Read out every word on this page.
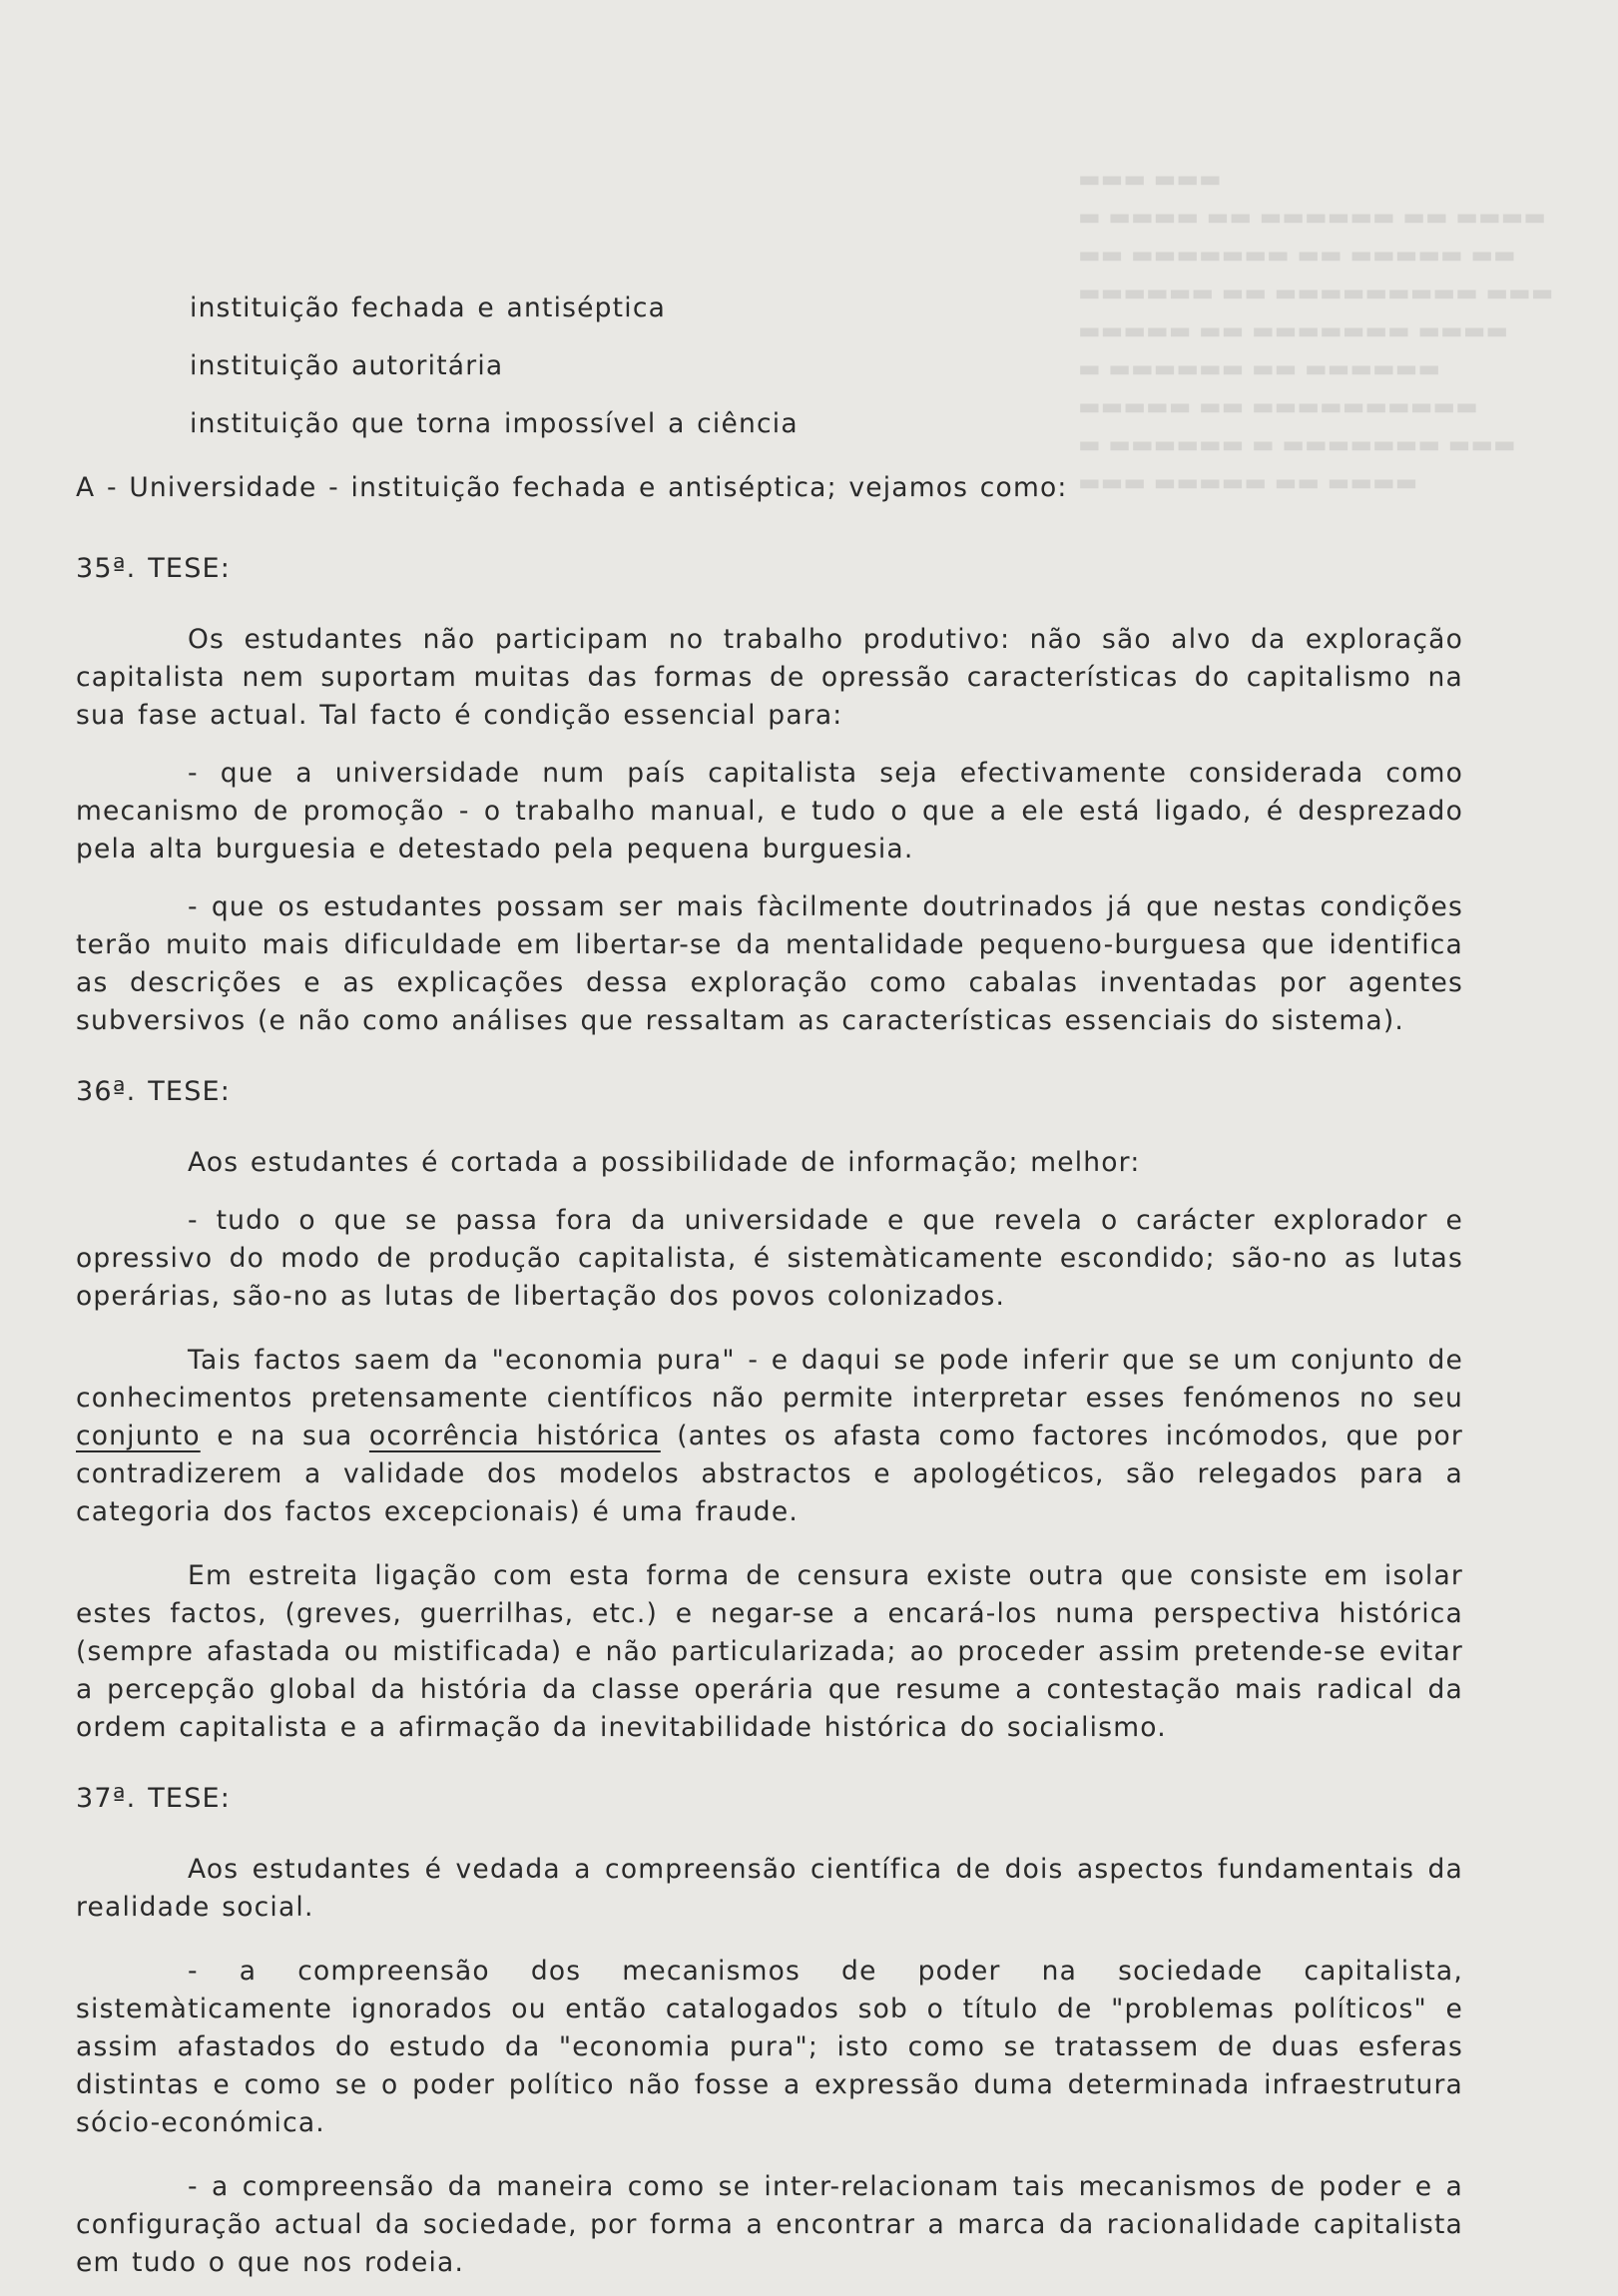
▬▬▬ ▬▬▬
▬ ▬▬▬▬ ▬▬ ▬▬▬▬▬▬ ▬▬ ▬▬▬▬
▬▬ ▬▬▬▬▬▬▬ ▬▬ ▬▬▬▬▬ ▬▬
▬▬▬▬▬▬ ▬▬ ▬▬▬▬▬▬▬▬▬ ▬▬▬
▬▬▬▬▬ ▬▬ ▬▬▬▬▬▬▬ ▬▬▬▬
▬ ▬▬▬▬▬▬ ▬▬ ▬▬▬▬▬▬
▬▬▬▬▬ ▬▬ ▬▬▬▬▬▬▬▬▬▬
▬ ▬▬▬▬▬▬ ▬ ▬▬▬▬▬▬▬ ▬▬▬
▬▬▬ ▬▬▬▬▬ ▬▬ ▬▬▬▬
instituição fechada e antiséptica
instituição autoritária
instituição que torna impossível a ciência
A - Universidade - instituição fechada e antiséptica; vejamos como:
35ª. TESE:
Os estudantes não participam no trabalho produtivo: não são alvo da exploração capitalista nem suportam muitas das formas de opressão características do capitalismo na sua fase actual. Tal facto é condição essencial para:
- que a universidade num país capitalista seja efectivamente considerada como mecanismo de promoção - o trabalho manual, e tudo o que a ele está ligado, é desprezado pela alta burguesia e detestado pela pequena burguesia.
- que os estudantes possam ser mais fàcilmente doutrinados já que nestas condições terão muito mais dificuldade em libertar-se da mentalidade pequeno-burguesa que identifica as descrições e as explicações dessa exploração como cabalas inventadas por agentes subversivos (e não como análises que ressaltam as características essenciais do sistema).
36ª. TESE:
Aos estudantes é cortada a possibilidade de informação; melhor:
- tudo o que se passa fora da universidade e que revela o carácter explorador e opressivo do modo de produção capitalista, é sistemàticamente escondido; são-no as lutas operárias, são-no as lutas de libertação dos povos colonizados.
Tais factos saem da "economia pura" - e daqui se pode inferir que se um conjunto de conhecimentos pretensamente científicos não permite interpretar esses fenómenos no seu conjunto e na sua ocorrência histórica (antes os afasta como factores incómodos, que por contradizerem a validade dos modelos abstractos e apologéticos, são relegados para a categoria dos factos excepcionais) é uma fraude.
Em estreita ligação com esta forma de censura existe outra que consiste em isolar estes factos, (greves, guerrilhas, etc.) e negar-se a encará-los numa perspectiva histórica (sempre afastada ou mistificada) e não particularizada; ao proceder assim pretende-se evitar a percepção global da história da classe operária que resume a contestação mais radical da ordem capitalista e a afirmação da inevitabilidade histórica do socialismo.
37ª. TESE:
Aos estudantes é vedada a compreensão científica de dois aspectos fundamentais da realidade social.
- a compreensão dos mecanismos de poder na sociedade capitalista, sistemàticamente ignorados ou então catalogados sob o título de "problemas políticos" e assim afastados do estudo da "economia pura"; isto como se tratassem de duas esferas distintas e como se o poder político não fosse a expressão duma determinada infraestrutura sócio-económica.
- a compreensão da maneira como se inter-relacionam tais mecanismos de poder e a configuração actual da sociedade, por forma a encontrar a marca da racionalidade capitalista em tudo o que nos rodeia.
